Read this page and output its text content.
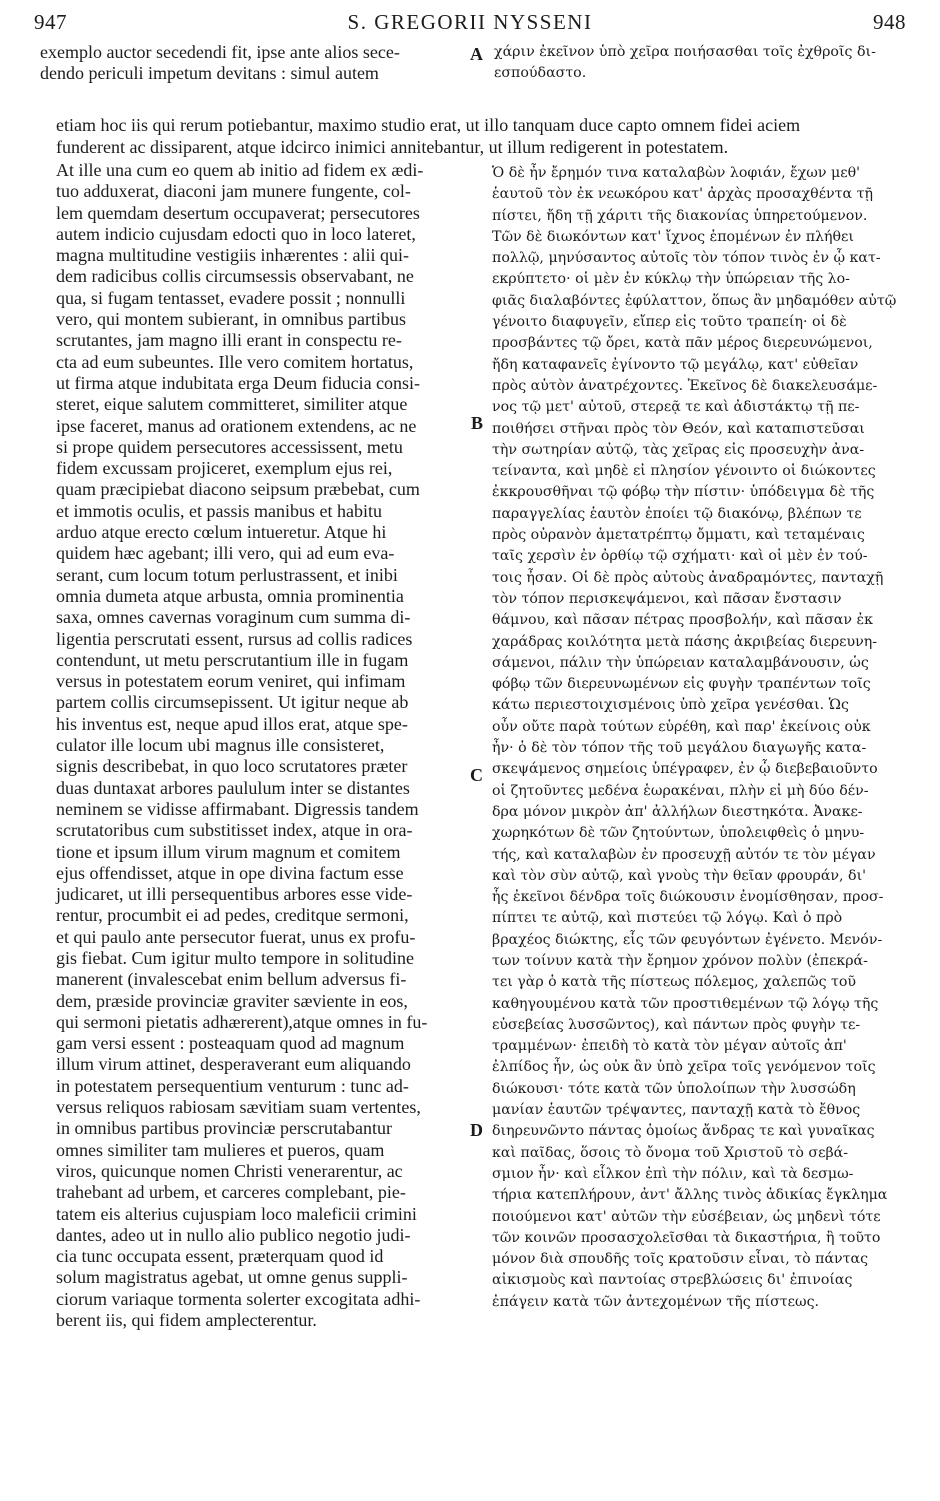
947	S. GREGORII NYSSENI	948
exemplo auctor secedendi fit, ipse ante alios sece-
dendo periculi impetum devitans : simul autem
χάριν ἐκεῖνον ὑπὸ χεῖρα ποιήσασθαι τοῖς ἐχθροῖς δι-
εσπούδαστο.
etiam hoc iis qui rerum potiebantur, maximo studio erat, ut illo tanquam duce capto omnem fidei aciem
funderent ac dissiparent, atque idcirco inimici annitebantur, ut illum redigerent in potestatem.
At ille una cum eo quem ab initio ad fidem ex ædi-
tuo adduxerat, diaconi jam munere fungente, col-
lem quemdam desertum occupaverat; persecutores
autem indicio cujusdam edocti quo in loco lateret,
magna multitudine vestigiis inhærentes : alii qui-
dem radicibus collis circumsessis observabant, ne
qua, si fugam tentasset, evadere possit ; nonnulli
vero, qui montem subierant, in omnibus partibus
scrutantes, jam magno illi erant in conspectu re-
cta ad eum subeuntes. Ille vero comitem hortatus,
ut firma atque indubitata erga Deum fiducia consi-
steret, eique salutem committeret, similiter atque
ipse faceret, manus ad orationem extendens, ac ne
si prope quidem persecutores accessissent, metu
fidem excussam projiceret, exemplum ejus rei,
quam præcipiebat diacono seipsum præbebat, cum
et immotis oculis, et passis manibus et habitu
arduo atque erecto cœlum intueretur. Atque hi
quidem hæc agebant; illi vero, qui ad eum eva-
serant, cum locum totum perlustrassent, et inibi
omnia dumeta atque arbusta, omnia prominentia
saxa, omnes cavernas voraginum cum summa di-
ligentia perscrutati essent, rursus ad collis radices
contendunt, ut metu perscrutantium ille in fugam
versus in potestatem eorum veniret, qui infimam
partem collis circumsepissent. Ut igitur neque ab
his inventus est, neque apud illos erat, atque spe-
culator ille locum ubi magnus ille consisteret,
signis describebat, in quo loco scrutatores præter
duas duntaxat arbores paululum inter se distantes
neminem se vidisse affirmabant. Digressis tandem
scrutatoribus cum substitisset index, atque in ora-
tione et ipsum illum virum magnum et comitem
ejus offendisset, atque in ope divina factum esse
judicaret, ut illi persequentibus arbores esse vide-
rentur, procumbit ei ad pedes, creditque sermoni,
et qui paulo ante persecutor fuerat, unus ex profu-
gis fiebat. Cum igitur multo tempore in solitudine
manerent (invalescebat enim bellum adversus fi-
dem, præside provinciæ graviter sæviente in eos,
qui sermoni pietatis adhærerent),atque omnes in fu-
gam versi essent : posteaquam quod ad magnum
illum virum attinet, desperaverant eum aliquando
in potestatem persequentium venturum : tunc ad-
versus reliquos rabiosam sævitiam suam vertentes,
in omnibus partibus provinciæ perscrutabantur
omnes similiter tam mulieres et pueros, quam
viros, quicunque nomen Christi venerarentur, ac
trahebant ad urbem, et carceres complebant, pie-
tatem eis alterius cujuspiam loco maleficii crimini
dantes, adeo ut in nullo alio publico negotio judi-
cia tunc occupata essent, præterquam quod id
solum magistratus agebat, ut omne genus suppli-
ciorum variaque tormenta solerter excogitata adhi-
berent iis, qui fidem amplecterentur.
Ὁ δὲ ἦν ἔρημόν τινα καταλαβὼν λοφιάν, ἔχων μεθ'
ἑαυτοῦ τὸν ἐκ νεωκόρου κατ' ἀρχὰς προσαχθέντα τῇ
πίστει, ἤδη τῇ χάριτι τῆς διακονίας ὑπηρετούμενον.
Τῶν δὲ διωκόντων κατ' ἴχνος ἑπομένων ἐν πλήθει
πολλῷ, μηνύσαντος αὐτοῖς τὸν τόπον τινὸς ἐν ᾧ κατ-
εκρύπτετο· οἱ μὲν ἐν κύκλῳ τὴν ὑπώρειαν τῆς λο-
φιᾶς διαλαβόντες ἐφύλαττον, ὅπως ἂν μηδαμόθεν αὐτῷ
γένοιτο διαφυγεῖν, εἴπερ εἰς τοῦτο τραπείη· οἱ δὲ
προσβάντες τῷ ὄρει, κατὰ πᾶν μέρος διερευνώμενοι,
ἤδη καταφανεῖς ἐγίνοντο τῷ μεγάλῳ, κατ' εὐθεῖαν
πρὸς αὐτὸν ἀνατρέχοντες. Ἐκεῖνος δὲ διακελευσάμε-
νος τῷ μετ' αὐτοῦ, στερεᾷ τε καὶ ἀδιστάκτῳ τῇ πε-
ποιθήσει στῆναι πρὸς τὸν Θεόν, καὶ καταπιστεῦσαι
τὴν σωτηρίαν αὐτῷ, τὰς χεῖρας εἰς προσευχὴν ἀνα-
τείναντα, καὶ μηδὲ εἰ πλησίον γένοιντο οἱ διώκοντες
ἐκκρουσθῆναι τῷ φόβῳ τὴν πίστιν· ὑπόδειγμα δὲ τῆς
παραγγελίας ἑαυτὸν ἐποίει τῷ διακόνῳ, βλέπων τε
πρὸς οὐρανὸν ἀμετατρέπτῳ ὄμματι, καὶ τεταμέναις
ταῖς χερσὶν ἐν ὀρθίῳ τῷ σχήματι· καὶ οἱ μὲν ἐν τού-
τοις ἦσαν. Οἱ δὲ πρὸς αὐτοὺς ἀναδραμόντες, πανταχῇ
τὸν τόπον περισκεψάμενοι, καὶ πᾶσαν ἔνστασιν
θάμνου, καὶ πᾶσαν πέτρας προσβολήν, καὶ πᾶσαν ἐκ
χαράδρας κοιλότητα μετὰ πάσης ἀκριβείας διερευνη-
σάμενοι, πάλιν τὴν ὑπώρειαν καταλαμβάνουσιν, ὡς
φόβῳ τῶν διερευνωμένων εἰς φυγὴν τραπέντων τοῖς
κάτω περιεστοιχισμένοις ὑπὸ χεῖρα γενέσθαι. Ὡς
οὖν οὔτε παρὰ τούτων εὑρέθη, καὶ παρ' ἐκείνοις οὐκ
ἦν· ὁ δὲ τὸν τόπον τῆς τοῦ μεγάλου διαγωγῆς κατα-
σκεψάμενος σημείοις ὑπέγραφεν, ἐν ᾧ διεβεβαιοῦντο
οἱ ζητοῦντες μεδένα ἑωρακέναι, πλὴν εἰ μὴ δύο δέν-
δρα μόνον μικρὸν ἀπ' ἀλλήλων διεστηκότα. Ἀνακε-
χωρηκότων δὲ τῶν ζητούντων, ὑπολειφθεὶς ὁ μηνυ-
τής, καὶ καταλαβὼν ἐν προσευχῇ αὐτόν τε τὸν μέγαν
καὶ τὸν σὺν αὐτῷ, καὶ γνοὺς τὴν θεῖαν φρουράν, δι'
ἧς ἐκεῖνοι δένδρα τοῖς διώκουσιν ἐνομίσθησαν, προσ-
πίπτει τε αὐτῷ, καὶ πιστεύει τῷ λόγῳ. Καὶ ὁ πρὸ
βραχέος διώκτης, εἷς τῶν φευγόντων ἐγένετο. Μενόν-
των τοίνυν κατὰ τὴν ἔρημον χρόνον πολὺν (ἐπεκρά-
τει γὰρ ὁ κατὰ τῆς πίστεως πόλεμος, χαλεπῶς τοῦ
καθηγουμένου κατὰ τῶν προστιθεμένων τῷ λόγῳ τῆς
εὐσεβείας λυσσῶντος), καὶ πάντων πρὸς φυγὴν τε-
τραμμένων· ἐπειδὴ τὸ κατὰ τὸν μέγαν αὐτοῖς ἀπ'
ἐλπίδος ἦν, ὡς οὐκ ἂν ὑπὸ χεῖρα τοῖς γενόμενον τοῖς
διώκουσι· τότε κατὰ τῶν ὑπολοίπων τὴν λυσσώδη
μανίαν ἑαυτῶν τρέψαντες, πανταχῇ κατὰ τὸ ἔθνος
διηρευνῶντο πάντας ὁμοίως ἄνδρας τε καὶ γυναῖκας
καὶ παῖδας, ὅσοις τὸ ὄνομα τοῦ Χριστοῦ τὸ σεβά-
σμιον ἦν· καὶ εἷλκον ἐπὶ τὴν πόλιν, καὶ τὰ δεσμω-
τήρια κατεπλήρουν, ἀντ' ἄλλης τινὸς ἀδικίας ἔγκλημα
ποιούμενοι κατ' αὐτῶν τὴν εὐσέβειαν, ὡς μηδενὶ τότε
τῶν κοινῶν προσασχολεῖσθαι τὰ δικαστήρια, ἢ τοῦτο
μόνον διὰ σπουδῆς τοῖς κρατοῦσιν εἶναι, τὸ πάντας
αἰκισμοὺς καὶ παντοίας στρεβλώσεις δι' ἐπινοίας
ἐπάγειν κατὰ τῶν ἀντεχομένων τῆς πίστεως.
A
B
C
D
